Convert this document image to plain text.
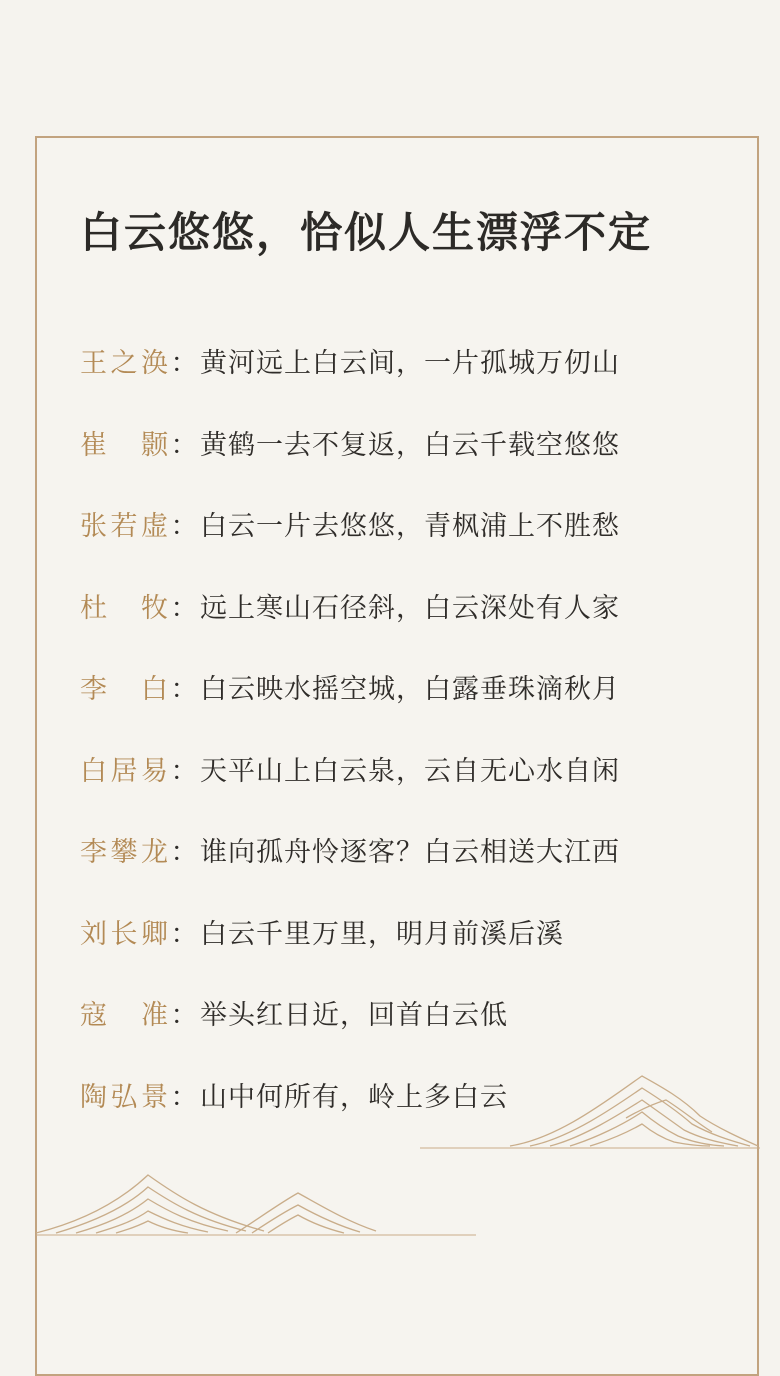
白云悠悠，恰似人生漂浮不定
王 之 涣 ： 黄河远上白云间，一片孤城万仞山
崔 颢 ： 黄鹤一去不复返，白云千载空悠悠
张 若 虚 ： 白云一片去悠悠，青枫浦上不胜愁
杜 牧 ： 远上寒山石径斜，白云深处有人家
李 白 ： 白云映水摇空城，白露垂珠滴秋月
白 居 易 ： 天平山上白云泉，云自无心水自闲
李 攀 龙 ： 谁向孤舟怜逐客？白云相送大江西
刘 长 卿 ： 白云千里万里，明月前溪后溪
寇 准 ： 举头红日近，回首白云低
陶 弘 景 ： 山中何所有，岭上多白云
